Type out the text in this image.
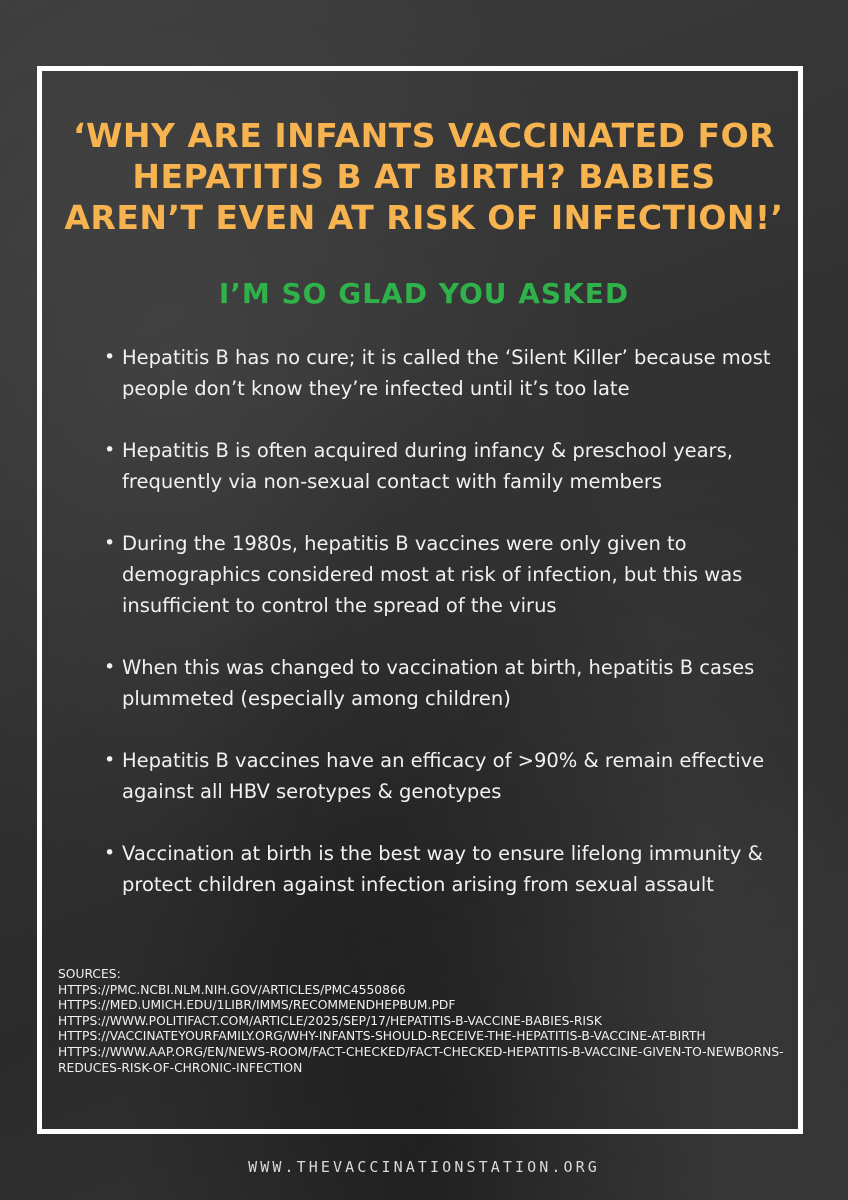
‘WHY ARE INFANTS VACCINATED FOR HEPATITIS B AT BIRTH? BABIES AREN’T EVEN AT RISK OF INFECTION!’
I’M SO GLAD YOU ASKED
• Hepatitis B has no cure; it is called the ‘Silent Killer’ because most people don’t know they’re infected until it’s too late
• Hepatitis B is often acquired during infancy & preschool years, frequently via non-sexual contact with family members
• During the 1980s, hepatitis B vaccines were only given to demographics considered most at risk of infection, but this was insufficient to control the spread of the virus
• When this was changed to vaccination at birth, hepatitis B cases plummeted (especially among children)
• Hepatitis B vaccines have an efficacy of >90% & remain effective against all HBV serotypes & genotypes
• Vaccination at birth is the best way to ensure lifelong immunity & protect children against infection arising from sexual assault
SOURCES:
HTTPS://PMC.NCBI.NLM.NIH.GOV/ARTICLES/PMC4550866
HTTPS://MED.UMICH.EDU/1LIBR/IMMS/RECOMMENDHEPBUM.PDF
HTTPS://WWW.POLITIFACT.COM/ARTICLE/2025/SEP/17/HEPATITIS-B-VACCINE-BABIES-RISK
HTTPS://VACCINATEYOURFAMILY.ORG/WHY-INFANTS-SHOULD-RECEIVE-THE-HEPATITIS-B-VACCINE-AT-BIRTH
HTTPS://WWW.AAP.ORG/EN/NEWS-ROOM/FACT-CHECKED/FACT-CHECKED-HEPATITIS-B-VACCINE-GIVEN-TO-NEWBORNS-REDUCES-RISK-OF-CHRONIC-INFECTION
WWW.THEVACCINATIONSTATION.ORG
